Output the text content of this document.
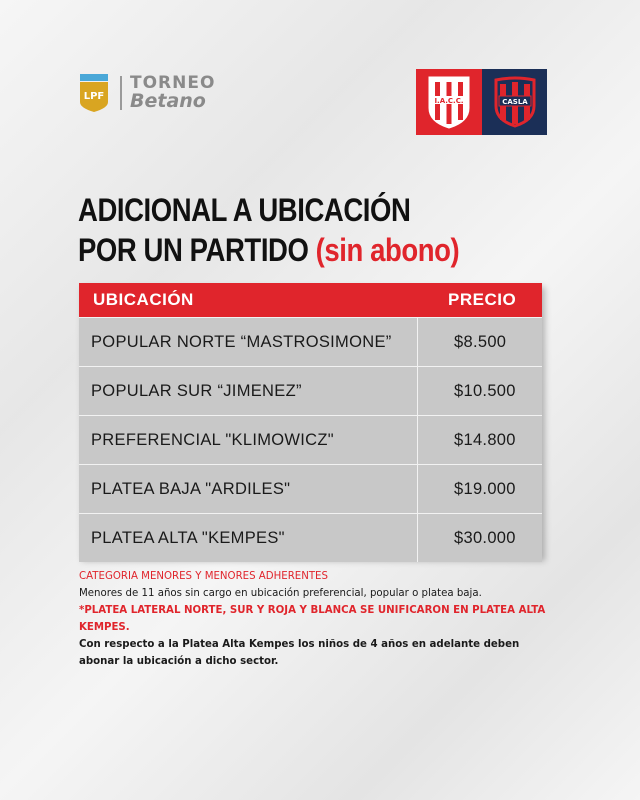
LPF
TORNEO
Betano	I.A.C.C.	CASLA
ADICIONAL A UBICACIÓN
POR UN PARTIDO (sin abono)
UBICACIÓN	PRECIO
POPULAR NORTE “MASTROSIMONE”	$8.500
POPULAR SUR “JIMENEZ”	$10.500
PREFERENCIAL "KLIMOWICZ"	$14.800
PLATEA BAJA "ARDILES"	$19.000
PLATEA ALTA "KEMPES"	$30.000
CATEGORIA MENORES Y MENORES ADHERENTES
Menores de 11 años sin cargo en ubicación preferencial, popular o platea baja.
*PLATEA LATERAL NORTE, SUR Y ROJA Y BLANCA SE UNIFICARON EN PLATEA ALTA KEMPES.
Con respecto a la Platea Alta Kempes los niños de 4 años en adelante deben abonar la ubicación a dicho sector.
